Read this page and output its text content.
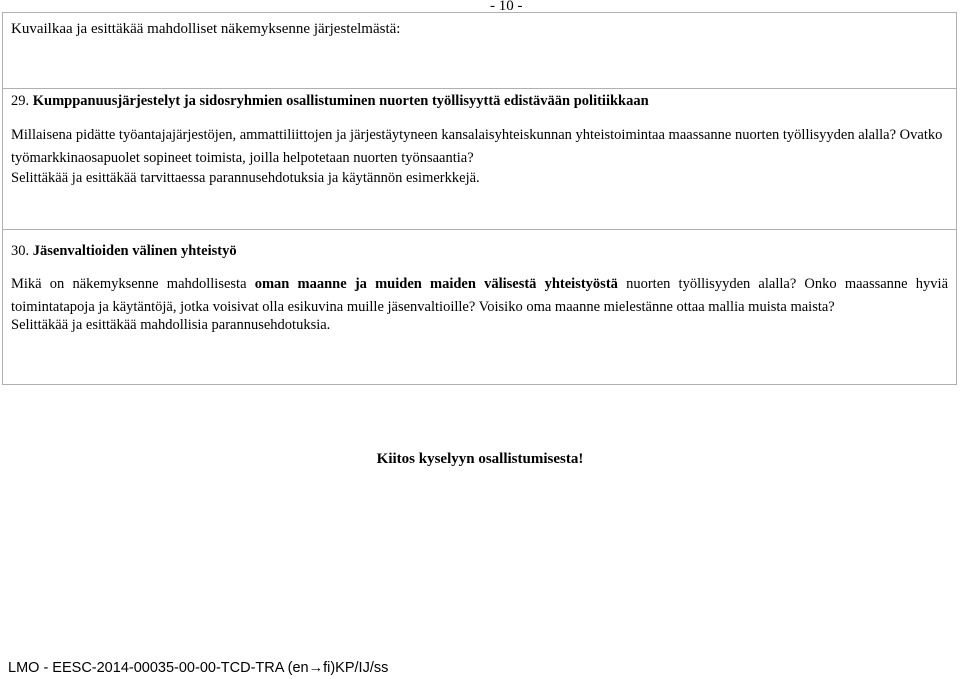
- 10 -

Kuvailkaa ja esittäkää mahdolliset näkemyksenne järjestelmästä:

29. Kumppanuusjärjestelyt ja sidosryhmien osallistuminen nuorten työllisyyttä edistävään politiikkaan

Millaisena pidätte työantajajärjestöjen, ammattiliittojen ja järjestäytyneen kansalaisyhteiskunnan yhteistoimintaa maassanne nuorten työllisyyden alalla? Ovatko työmarkkinaosapuolet sopineet toimista, joilla helpotetaan nuorten työnsaantia?

Selittäkää ja esittäkää tarvittaessa parannusehdotuksia ja käytännön esimerkkejä.

30. Jäsenvaltioiden välinen yhteistyö

Mikä on näkemyksenne mahdollisesta oman maanne ja muiden maiden välisestä yhteistyöstä nuorten työllisyyden alalla? Onko maassanne hyviä toimintatapoja ja käytäntöjä, jotka voisivat olla esikuvina muille jäsenvaltioille? Voisiko oma maanne mielestänne ottaa mallia muista maista?

Selittäkää ja esittäkää mahdollisia parannusehdotuksia.

Kiitos kyselyyn osallistumisesta!
LMO - EESC-2014-00035-00-00-TCD-TRA (en→fi)KP/IJ/ss
